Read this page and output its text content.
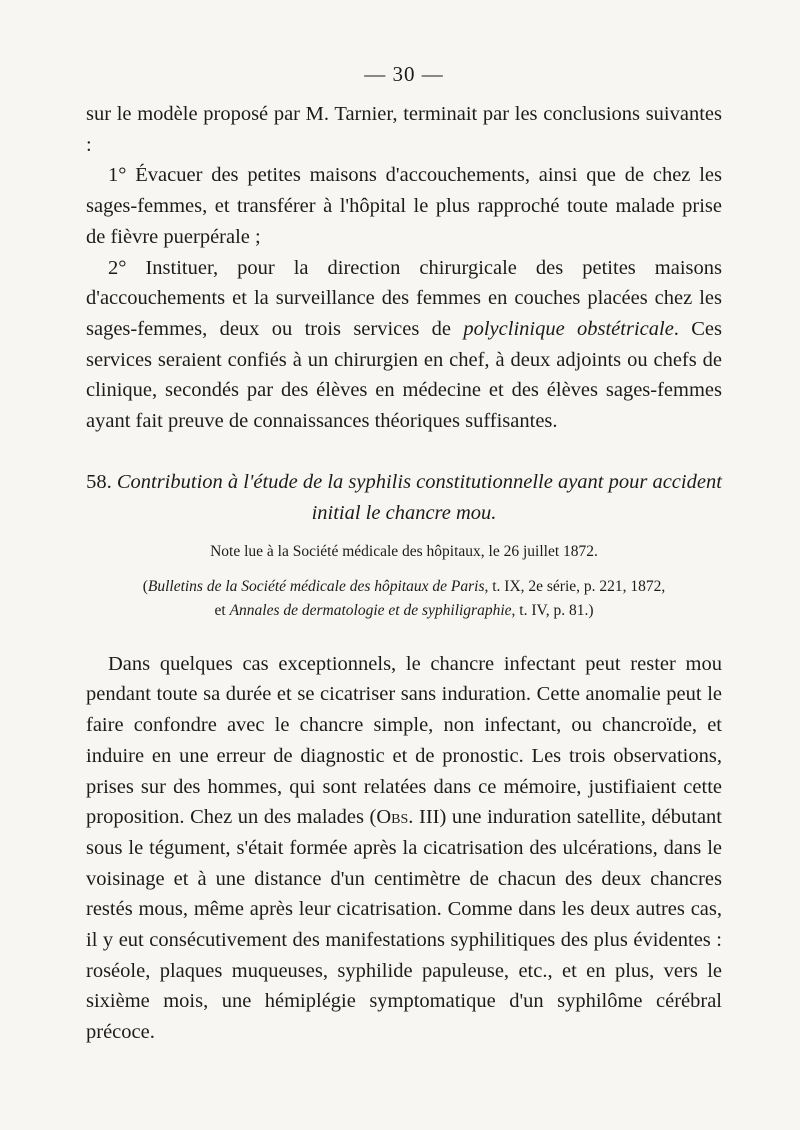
— 30 —

sur le modèle proposé par M. Tarnier, terminait par les conclusions suivantes :

1° Évacuer des petites maisons d'accouchements, ainsi que de chez les sages-femmes, et transférer à l'hôpital le plus rapproché toute malade prise de fièvre puerpérale ;

2° Instituer, pour la direction chirurgicale des petites maisons d'accouchements et la surveillance des femmes en couches placées chez les sages-femmes, deux ou trois services de polyclinique obstétricale. Ces services seraient confiés à un chirurgien en chef, à deux adjoints ou chefs de clinique, secondés par des élèves en médecine et des élèves sages-femmes ayant fait preuve de connaissances théoriques suffisantes.

58. Contribution à l'étude de la syphilis constitutionnelle ayant pour accident initial le chancre mou.
Note lue à la Société médicale des hôpitaux, le 26 juillet 1872.
(Bulletins de la Société médicale des hôpitaux de Paris, t. IX, 2e série, p. 221, 1872,
et Annales de dermatologie et de syphiligraphie, t. IV, p. 81.)

Dans quelques cas exceptionnels, le chancre infectant peut rester mou pendant toute sa durée et se cicatriser sans induration. Cette anomalie peut le faire confondre avec le chancre simple, non infectant, ou chancroïde, et induire en une erreur de diagnostic et de pronostic. Les trois observations, prises sur des hommes, qui sont relatées dans ce mémoire, justifiaient cette proposition. Chez un des malades (Obs. III) une induration satellite, débutant sous le tégument, s'était formée après la cicatrisation des ulcérations, dans le voisinage et à une distance d'un centimètre de chacun des deux chancres restés mous, même après leur cicatrisation. Comme dans les deux autres cas, il y eut consécutivement des manifestations syphilitiques des plus évidentes : roséole, plaques muqueuses, syphilide papuleuse, etc., et en plus, vers le sixième mois, une hémiplégie symptomatique d'un syphilôme cérébral précoce.
